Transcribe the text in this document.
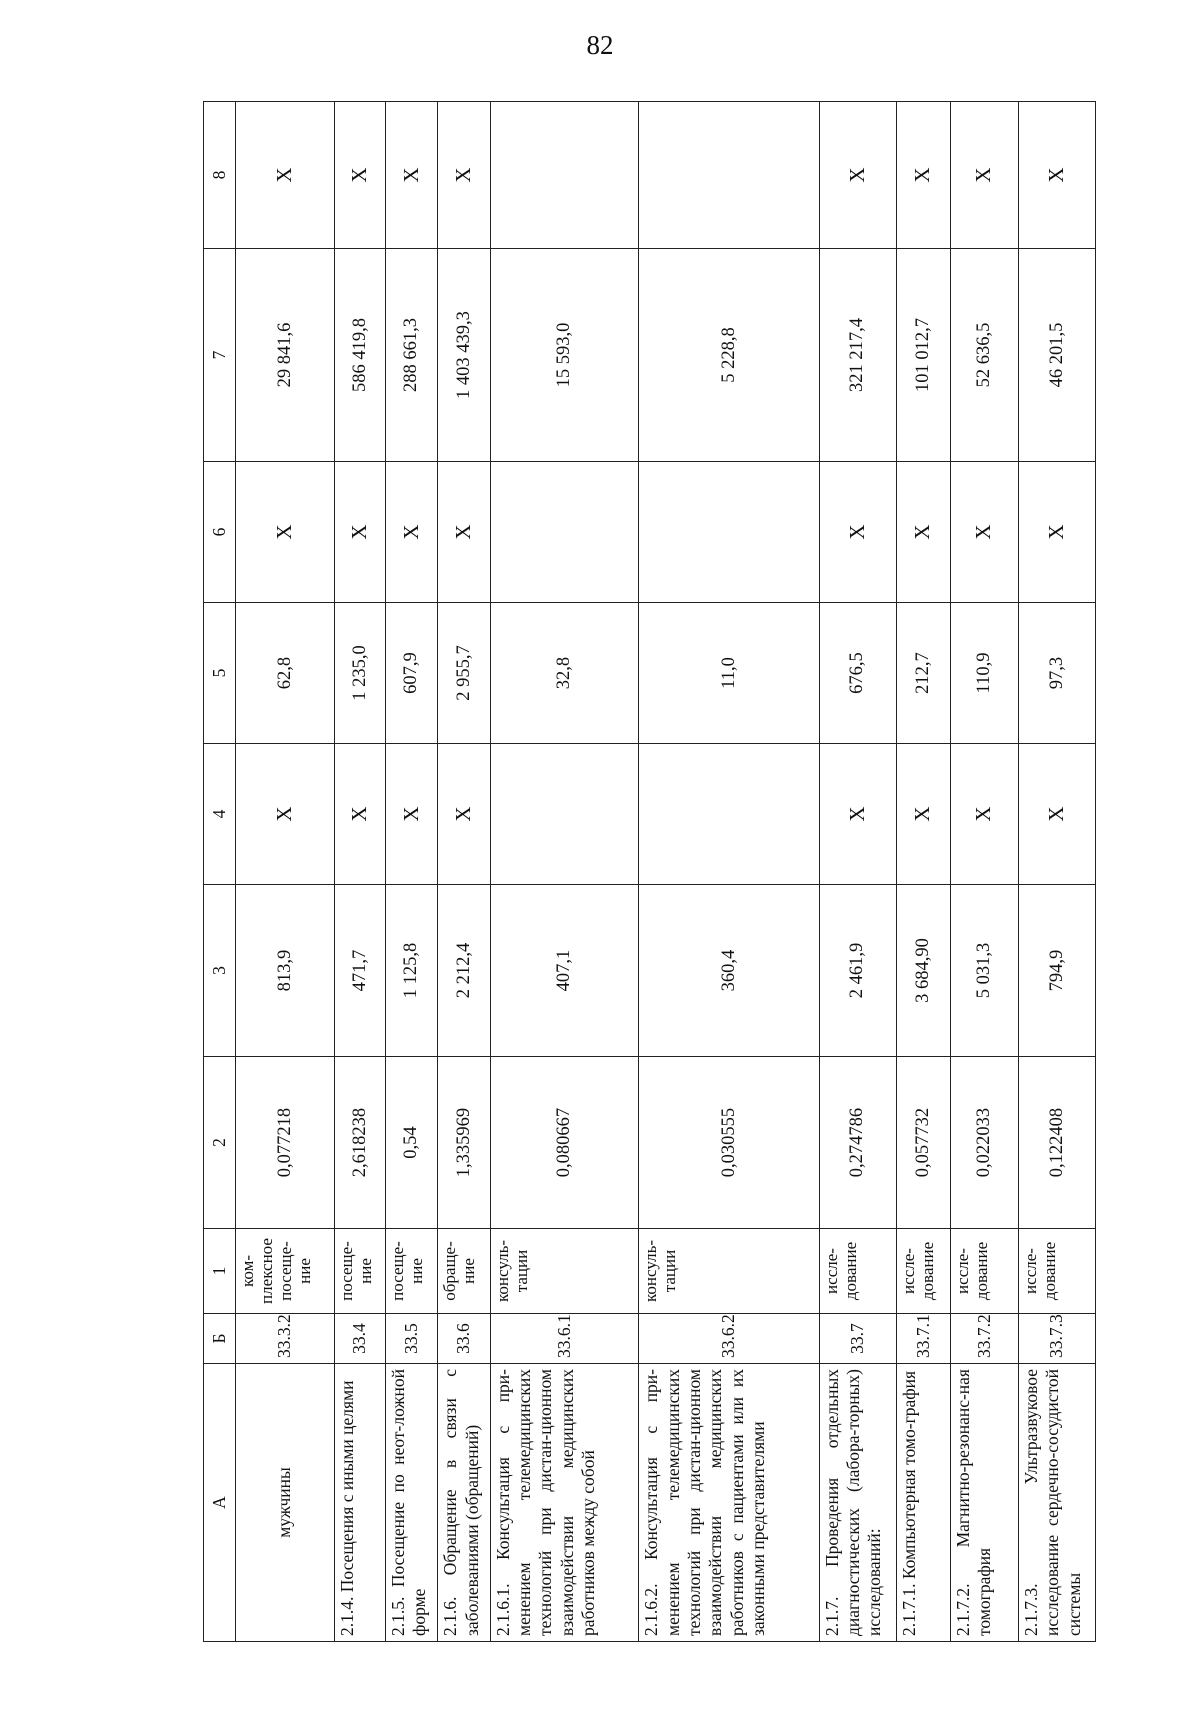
82
А	Б	1	2	3	4	5	6	7	8
мужчины	33.3.2	ком-плексное посеще-ние	0,077218	813,9	Х	62,8	Х	29 841,6	Х
2.1.4. Посещения с иными целями	33.4	посеще-ние	2,618238	471,7	Х	1 235,0	Х	586 419,8	Х
2.1.5. Посещение по неот-ложной форме	33.5	посеще-ние	0,54	1 125,8	Х	607,9	Х	288 661,3	Х
2.1.6. Обращение в связи с заболеваниями (обращений)	33.6	обраще-ние	1,335969	2 212,4	Х	2 955,7	Х	1 403 439,3	Х
2.1.6.1. Консультация с при-менением телемедицинских технологий при дистан-ционном взаимодействии медицинских работников между собой	33.6.1	консуль-тации	0,080667	407,1		32,8		15 593,0	
2.1.6.2. Консультация с при-менением телемедицинских технологий при дистан-ционном взаимодействии медицинских работников с пациентами или их законными представителями	33.6.2	консуль-тации	0,030555	360,4		11,0		5 228,8	
2.1.7. Проведения отдельных диагностических (лабора-торных) исследований:	33.7	иссле-дование	0,274786	2 461,9	Х	676,5	Х	321 217,4	Х
2.1.7.1. Компьютерная томо-графия	33.7.1	иссле-дование	0,057732	3 684,90	Х	212,7	Х	101 012,7	Х
2.1.7.2. Магнитно-резонанс-ная томография	33.7.2	иссле-дование	0,022033	5 031,3	Х	110,9	Х	52 636,5	Х
2.1.7.3. Ультразвуковое исследование сердечно-сосудистой системы	33.7.3	иссле-дование	0,122408	794,9	Х	97,3	Х	46 201,5	Х
